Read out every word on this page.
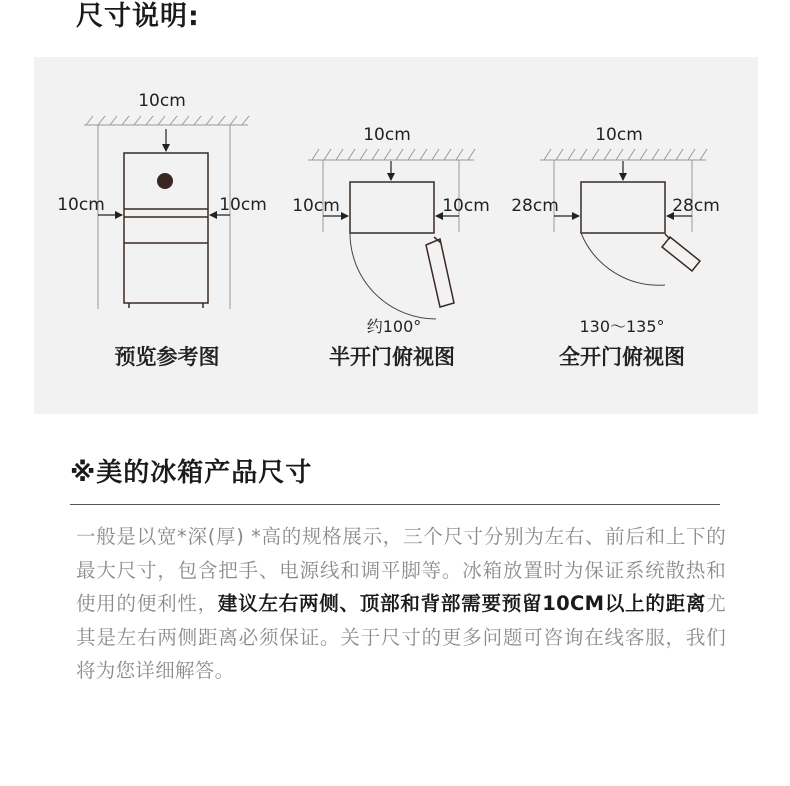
尺寸说明:
10cm
10cm	10cm
预览参考图
10cm
10cm	10cm
约100°
半开门俯视图
10cm
28cm	28cm
130～135°
全开门俯视图
※美的冰箱产品尺寸
一般是以宽*深(厚) *高的规格展示，三个尺寸分别为左右、前后和上下的最大尺寸，包含把手、电源线和调平脚等。冰箱放置时为保证系统散热和使用的便利性，建议左右两侧、顶部和背部需要预留10CM以上的距离尤其是左右两侧距离必须保证。关于尺寸的更多问题可咨询在线客服，我们将为您详细解答。
